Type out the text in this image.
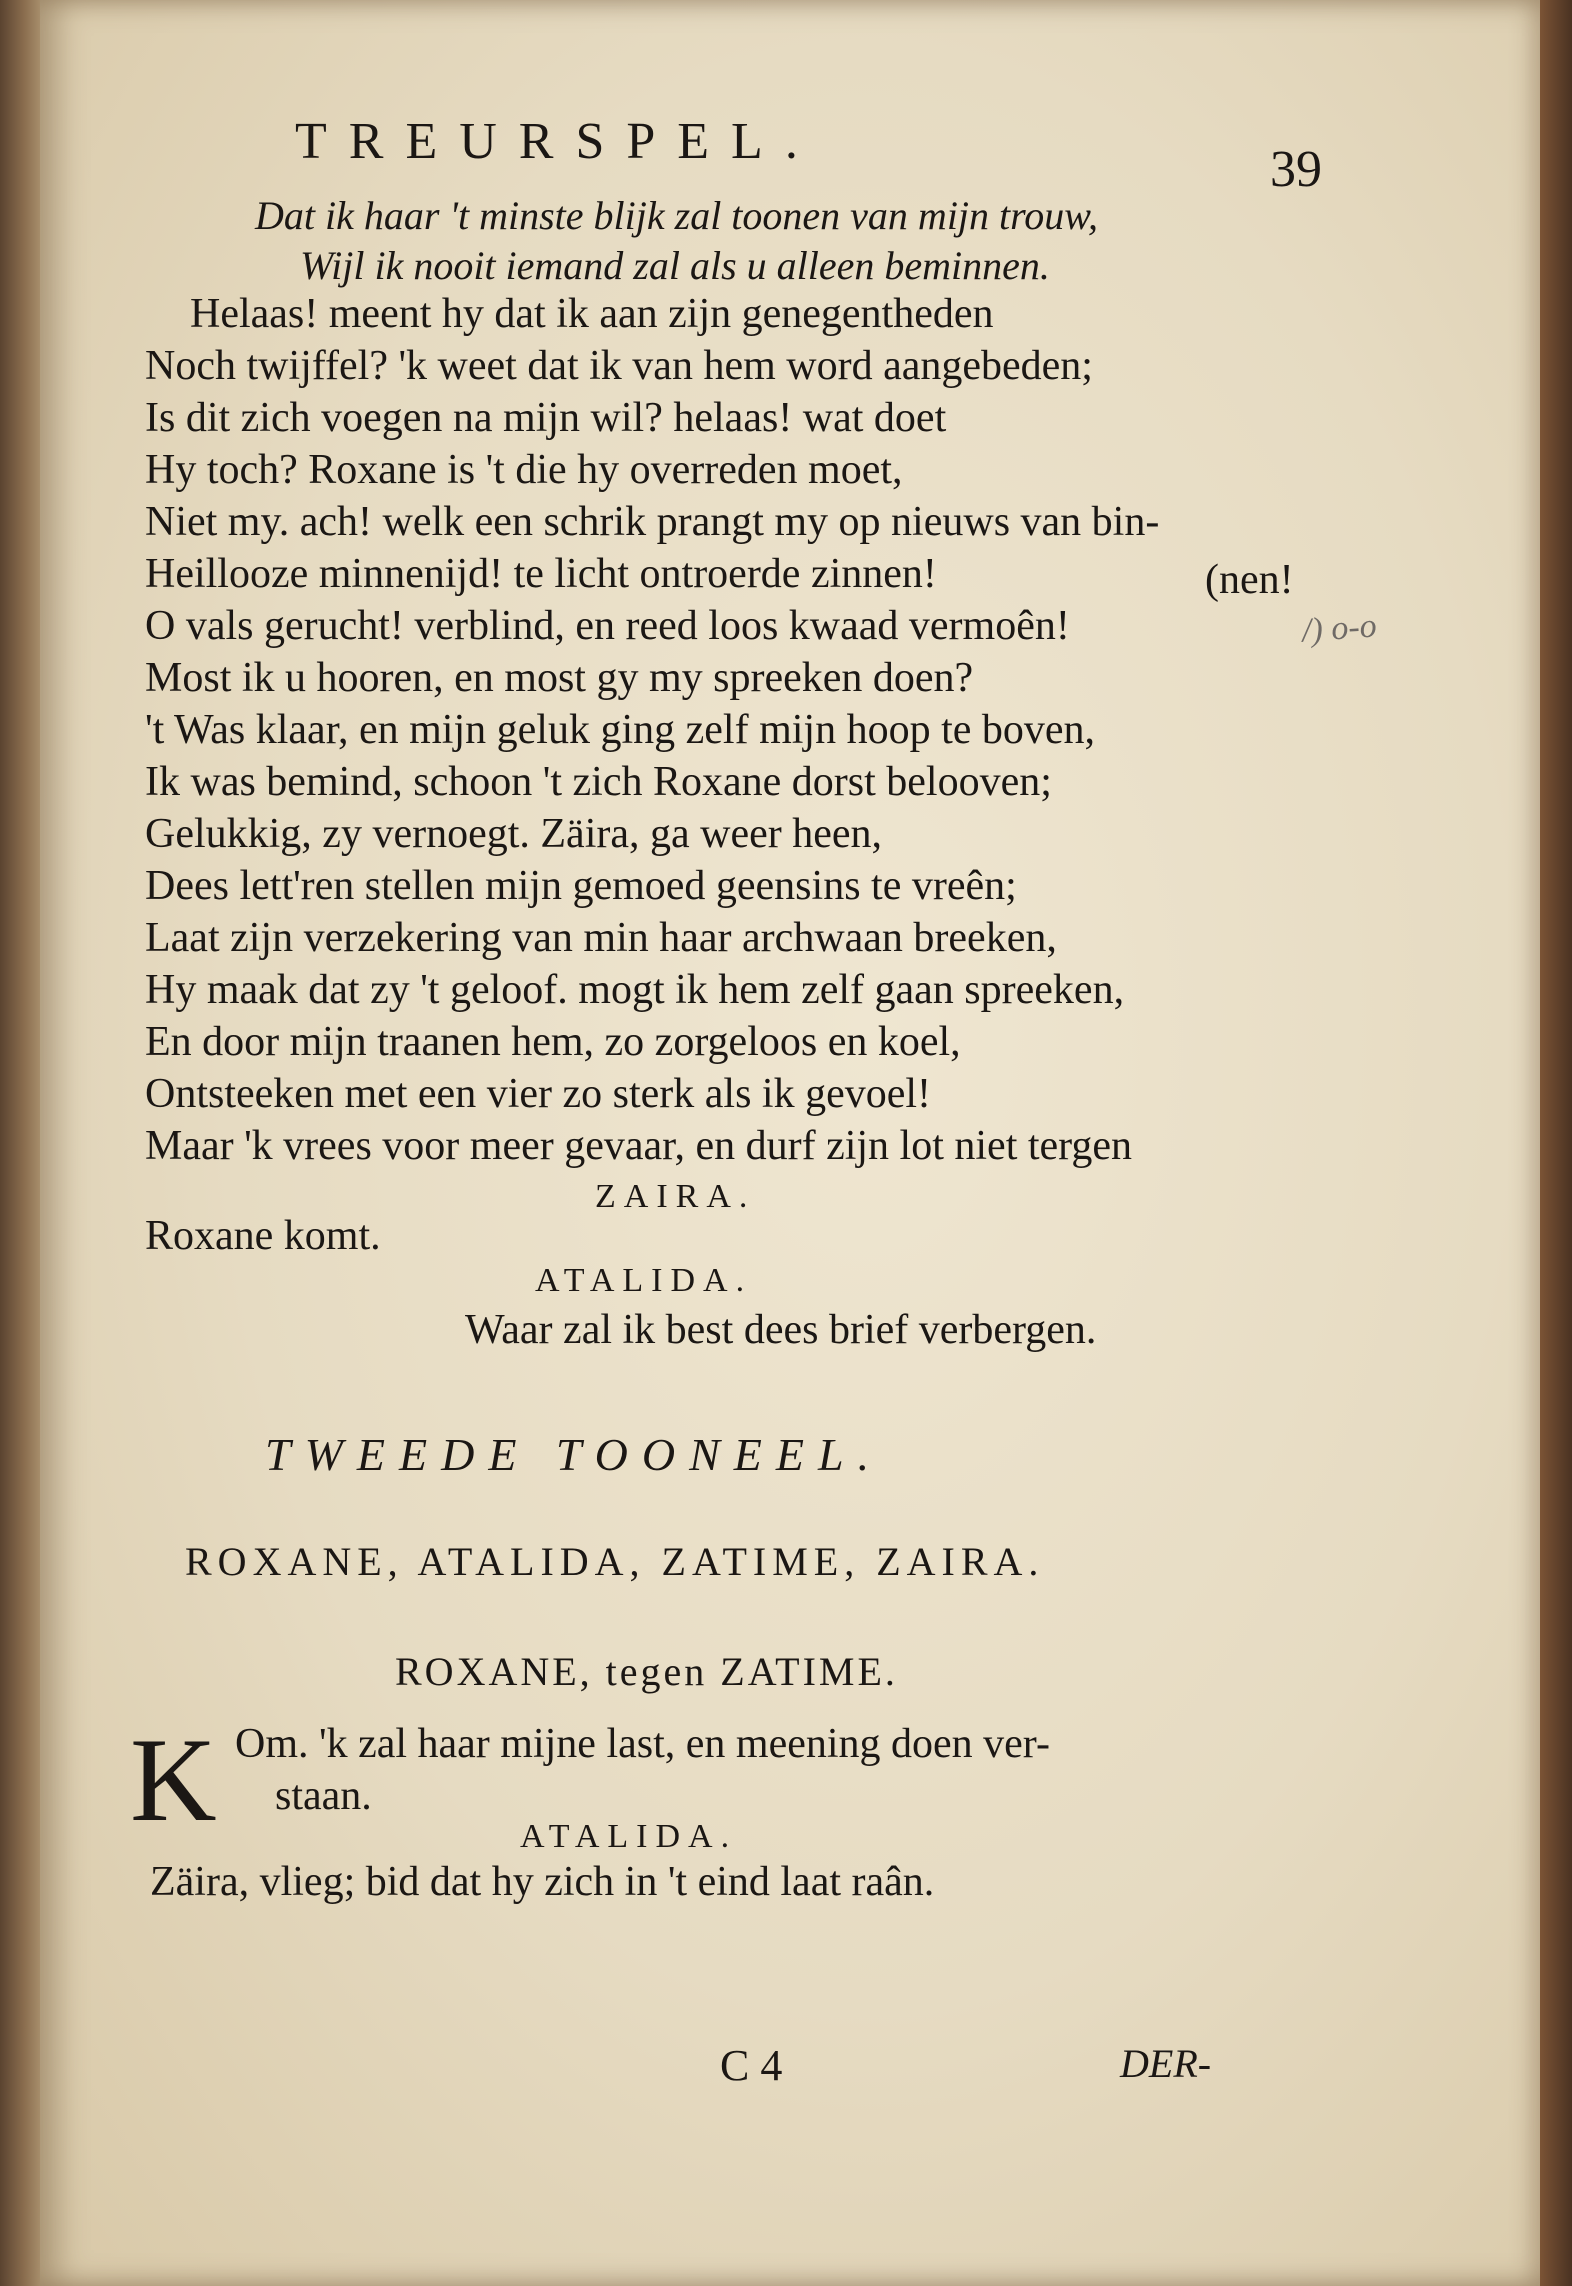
TREURSPEL.	39
Dat ik haar 't minste blijk zal toonen van mijn trouw,
Wijl ik nooit iemand zal als u alleen beminnen.
Helaas! meent hy dat ik aan zijn genegentheden
Noch twijffel? 'k weet dat ik van hem word aangebeden;
Is dit zich voegen na mijn wil? helaas! wat doet
Hy toch? Roxane is 't die hy overreden moet,
Niet my. ach! welk een schrik prangt my op nieuws van bin-
Heillooze minnenijd! te licht ontroerde zinnen!	(nen!
O vals gerucht! verblind, en reed loos kwaad vermoên!	/) o-o
Most ik u hooren, en most gy my spreeken doen?
't Was klaar, en mijn geluk ging zelf mijn hoop te boven,
Ik was bemind, schoon 't zich Roxane dorst belooven;
Gelukkig, zy vernoegt. Zäira, ga weer heen,
Dees lett'ren stellen mijn gemoed geensins te vreên;
Laat zijn verzekering van min haar archwaan breeken,
Hy maak dat zy 't geloof. mogt ik hem zelf gaan spreeken,
En door mijn traanen hem, zo zorgeloos en koel,
Ontsteeken met een vier zo sterk als ik gevoel!
Maar 'k vrees voor meer gevaar, en durf zijn lot niet tergen
ZAIRA.
Roxane komt.
ATALIDA.
Waar zal ik best dees brief verbergen.
TWEEDE TOONEEL.
ROXANE, ATALIDA, ZATIME, ZAIRA.
ROXANE, tegen ZATIME.
K Om. 'k zal haar mijne last, en meening doen ver-
staan.
ATALIDA.
Zäira, vlieg; bid dat hy zich in 't eind laat raân.
C 4	DER-
